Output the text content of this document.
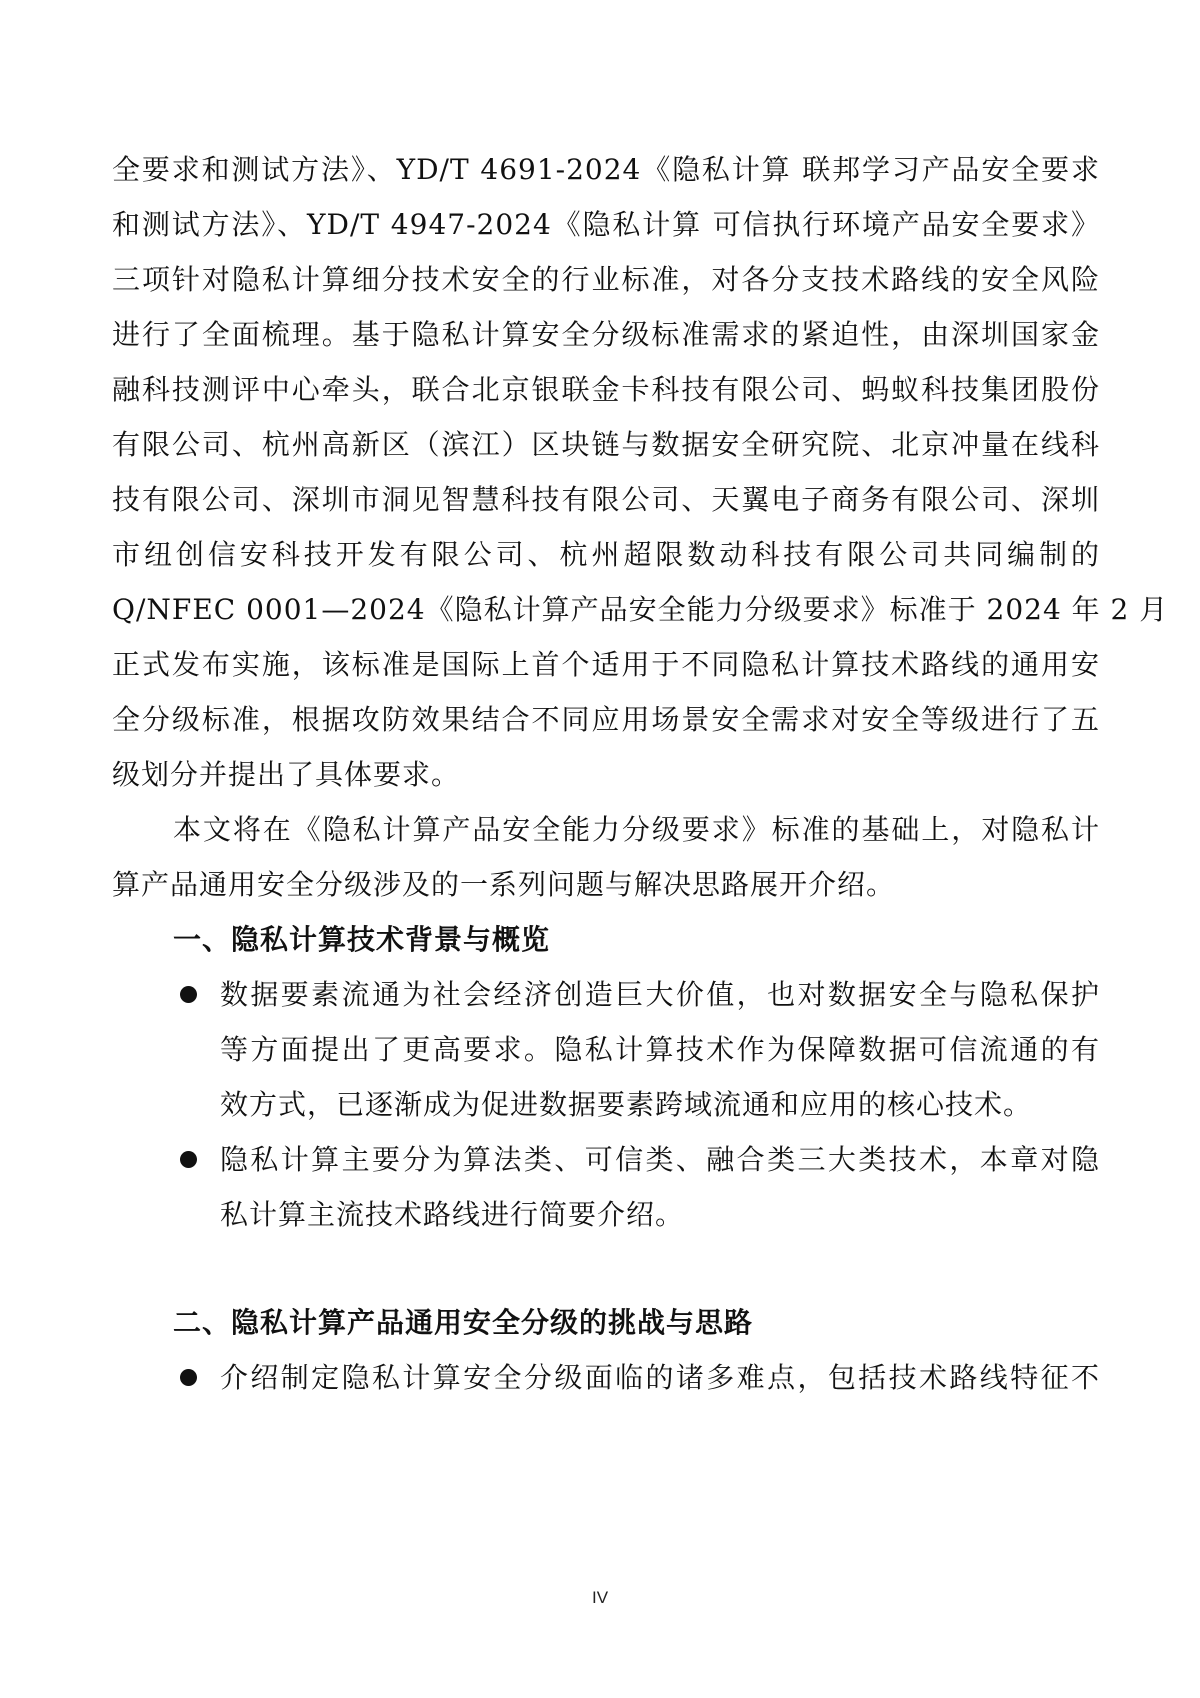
全要求和测试方法》、YD/T 4691-2024《隐私计算 联邦学习产品安全要求
和测试方法》、YD/T 4947-2024《隐私计算 可信执行环境产品安全要求》
三项针对隐私计算细分技术安全的行业标准，对各分支技术路线的安全风险
进行了全面梳理。基于隐私计算安全分级标准需求的紧迫性，由深圳国家金
融科技测评中心牵头，联合北京银联金卡科技有限公司、蚂蚁科技集团股份
有限公司、杭州高新区（滨江）区块链与数据安全研究院、北京冲量在线科
技有限公司、深圳市洞见智慧科技有限公司、天翼电子商务有限公司、深圳
市纽创信安科技开发有限公司、杭州超限数动科技有限公司共同编制的
Q/NFEC 0001—2024《隐私计算产品安全能力分级要求》标准于 2024 年 2 月
正式发布实施，该标准是国际上首个适用于不同隐私计算技术路线的通用安
全分级标准，根据攻防效果结合不同应用场景安全需求对安全等级进行了五
级划分并提出了具体要求。
本文将在《隐私计算产品安全能力分级要求》标准的基础上，对隐私计
算产品通用安全分级涉及的一系列问题与解决思路展开介绍。
一、隐私计算技术背景与概览
数据要素流通为社会经济创造巨大价值，也对数据安全与隐私保护
等方面提出了更高要求。隐私计算技术作为保障数据可信流通的有
效方式，已逐渐成为促进数据要素跨域流通和应用的核心技术。
隐私计算主要分为算法类、可信类、融合类三大类技术，本章对隐
私计算主流技术路线进行简要介绍。
二、隐私计算产品通用安全分级的挑战与思路
介绍制定隐私计算安全分级面临的诸多难点，包括技术路线特征不
IV
